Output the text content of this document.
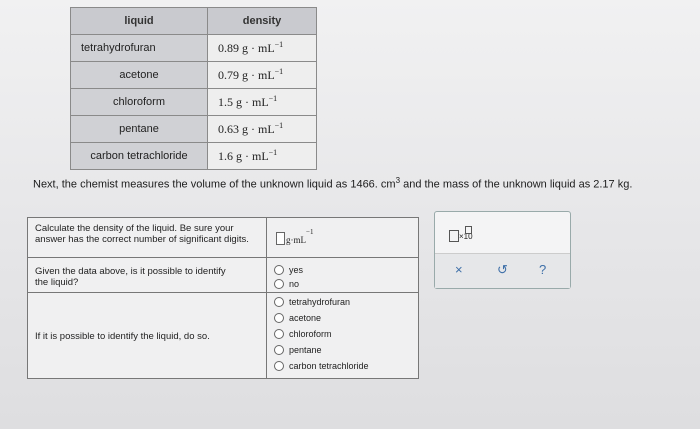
liquid	density
tetrahydrofuran	0.89 $g \cdot mL^{-1}$
acetone	0.79 $g \cdot mL^{-1}$
chloroform	1.5 $g \cdot mL^{-1}$
pentane	0.63 $g \cdot mL^{-1}$
carbon tetrachloride	1.6 $g \cdot mL^{-1}$
Next, the chemist measures the volume of the unknown liquid as 1466. $cm^3$ and the mass of the unknown liquid as 2.17 kg.
Calculate the density of the liquid. Be sure your answer has the correct number of significant digits.	$g\cdot mL^{-1}$
Given the data above, is it possible to identify the liquid?
yes
no
If it is possible to identify the liquid, do so.
tetrahydrofuran
acetone
chloroform
pentane
carbon tetrachloride
×10
×	↺ ?
